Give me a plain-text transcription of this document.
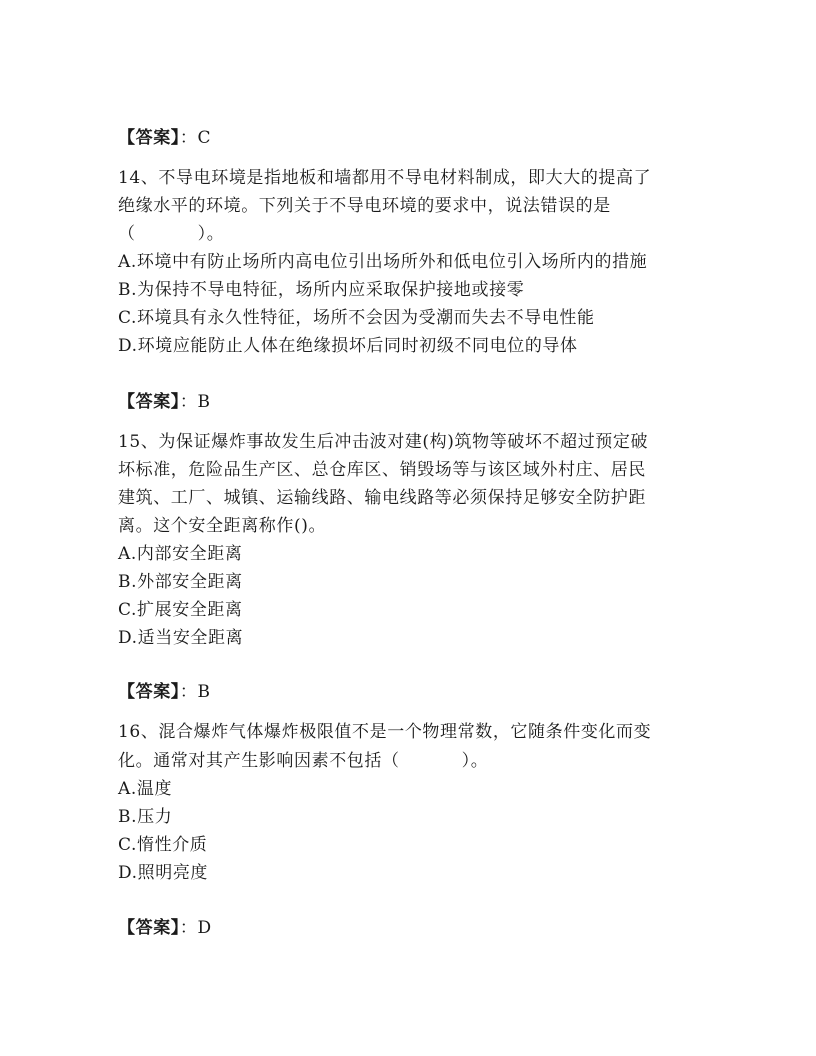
【答案】：C
14、不导电环境是指地板和墙都用不导电材料制成，即大大的提高了
绝缘水平的环境。下列关于不导电环境的要求中，说法错误的是
（	）。
A.环境中有防止场所内高电位引出场所外和低电位引入场所内的措施
B.为保持不导电特征，场所内应采取保护接地或接零
C.环境具有永久性特征，场所不会因为受潮而失去不导电性能
D.环境应能防止人体在绝缘损坏后同时初级不同电位的导体
【答案】：B
15、为保证爆炸事故发生后冲击波对建(构)筑物等破坏不超过预定破
坏标准，危险品生产区、总仓库区、销毁场等与该区域外村庄、居民
建筑、工厂、城镇、运输线路、输电线路等必须保持足够安全防护距
离。这个安全距离称作()。
A.内部安全距离
B.外部安全距离
C.扩展安全距离
D.适当安全距离
【答案】：B
16、混合爆炸气体爆炸极限值不是一个物理常数，它随条件变化而变
化。通常对其产生影响因素不包括（	）。
A.温度
B.压力
C.惰性介质
D.照明亮度
【答案】：D
